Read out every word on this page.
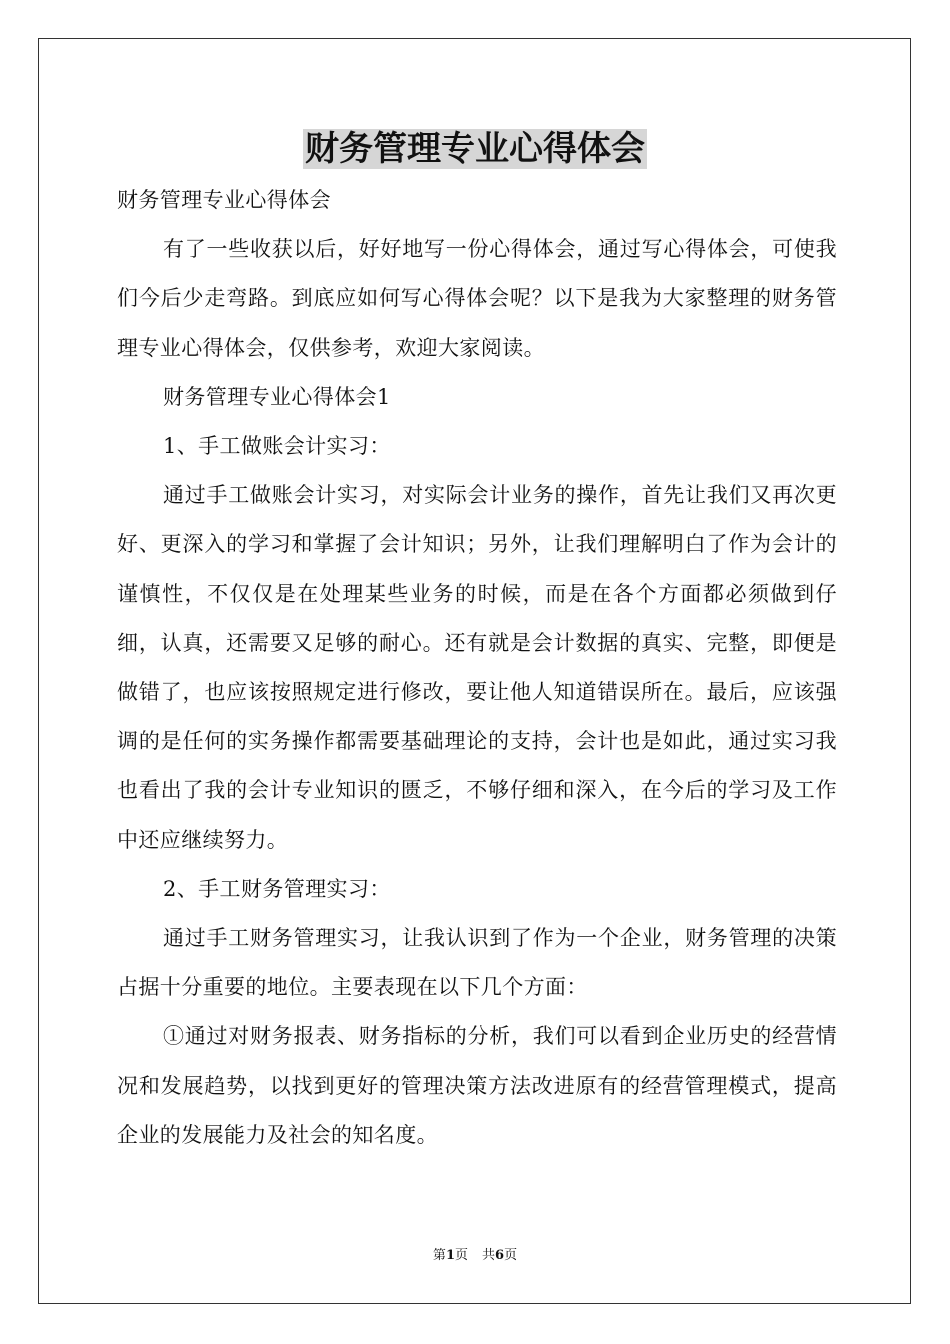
财务管理专业心得体会

财务管理专业心得体会

有了一些收获以后，好好地写一份心得体会，通过写心得体会，可使我们今后少走弯路。到底应如何写心得体会呢？以下是我为大家整理的财务管理专业心得体会，仅供参考，欢迎大家阅读。

财务管理专业心得体会1

1、手工做账会计实习：

通过手工做账会计实习，对实际会计业务的操作，首先让我们又再次更好、更深入的学习和掌握了会计知识；另外，让我们理解明白了作为会计的谨慎性，不仅仅是在处理某些业务的时候，而是在各个方面都必须做到仔细，认真，还需要又足够的耐心。还有就是会计数据的真实、完整，即便是做错了，也应该按照规定进行修改，要让他人知道错误所在。最后，应该强调的是任何的实务操作都需要基础理论的支持，会计也是如此，通过实习我也看出了我的会计专业知识的匮乏，不够仔细和深入，在今后的学习及工作中还应继续努力。

2、手工财务管理实习：

通过手工财务管理实习，让我认识到了作为一个企业，财务管理的决策占据十分重要的地位。主要表现在以下几个方面：

①通过对财务报表、财务指标的分析，我们可以看到企业历史的经营情况和发展趋势，以找到更好的管理决策方法改进原有的经营管理模式，提高企业的发展能力及社会的知名度。

第1页 共6页
